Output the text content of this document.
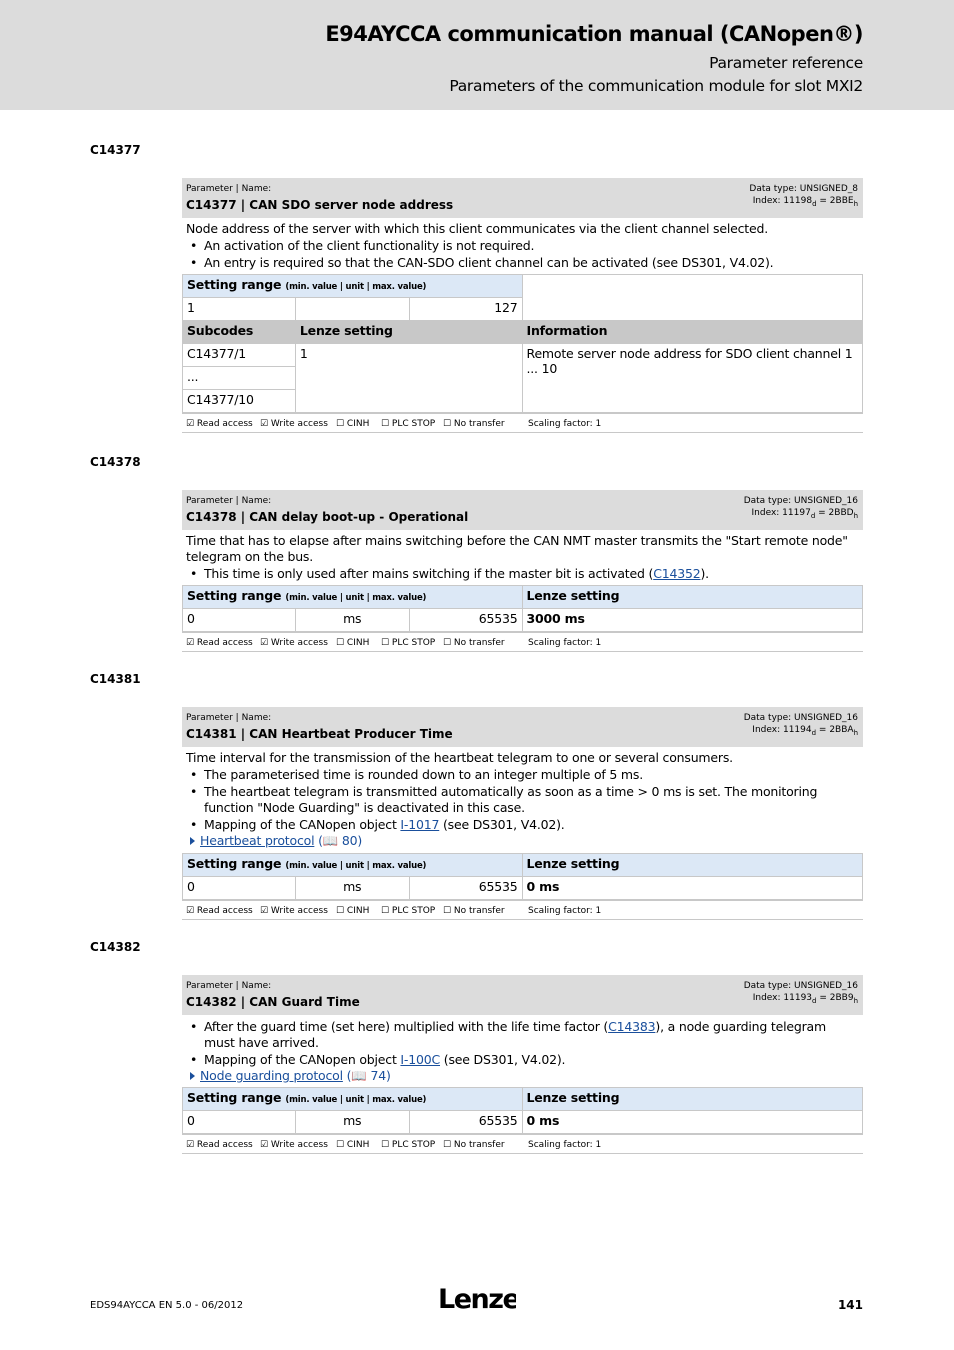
E94AYCCA communication manual (CANopen®)
Parameter reference
Parameters of the communication module for slot MXI2
C14377
Parameter | Name:
C14377 | CAN SDO server node address
Data type: UNSIGNED_8
Index: $11198_d = 2BBE_h$
Node address of the server with which this client communicates via the client channel selected.
• An activation of the client functionality is not required.
• An entry is required so that the CAN-SDO client channel can be activated (see DS301, V4.02).
Setting range (min. value | unit | max. value)			
1		127	
Subcodes	Lenze setting		Information
C14377/1	1		Remote server node address for SDO client channel 1 ... 10
...			
C14377/10			
☑ Read access ☑ Write access ☐ CINH ☐ PLC STOP ☐ No transfer	Scaling factor: 1
C14378
Parameter | Name:
C14378 | CAN delay boot-up - Operational
Data type: UNSIGNED_16
Index: $11197_d = 2BBD_h$
Time that has to elapse after mains switching before the CAN NMT master transmits the "Start remote node" telegram on the bus.
• This time is only used after mains switching if the master bit is activated (C14352).
Setting range (min. value | unit | max. value)			Lenze setting
0	ms	65535	3000 ms
☑ Read access ☑ Write access ☐ CINH ☐ PLC STOP ☐ No transfer	Scaling factor: 1
C14381
Parameter | Name:
C14381 | CAN Heartbeat Producer Time
Data type: UNSIGNED_16
Index: $11194_d = 2BBA_h$
Time interval for the transmission of the heartbeat telegram to one or several consumers.
• The parameterised time is rounded down to an integer multiple of 5 ms.
• The heartbeat telegram is transmitted automatically as soon as a time > 0 ms is set. The monitoring function "Node Guarding" is deactivated in this case.
• Mapping of the CANopen object I-1017 (see DS301, V4.02).
Heartbeat protocol (📖 80)
Setting range (min. value | unit | max. value)			Lenze setting
0	ms	65535	0 ms
☑ Read access ☑ Write access ☐ CINH ☐ PLC STOP ☐ No transfer	Scaling factor: 1
C14382
Parameter | Name:
C14382 | CAN Guard Time
Data type: UNSIGNED_16
Index: $11193_d = 2BB9_h$
• After the guard time (set here) multiplied with the life time factor (C14383), a node guarding telegram must have arrived.
• Mapping of the CANopen object I-100C (see DS301, V4.02).
Node guarding protocol (📖 74)
Setting range (min. value | unit | max. value)			Lenze setting
0	ms	65535	0 ms
☑ Read access ☑ Write access ☐ CINH ☐ PLC STOP ☐ No transfer	Scaling factor: 1
EDS94AYCCA EN 5.0 - 06/2012	Lenze	141
